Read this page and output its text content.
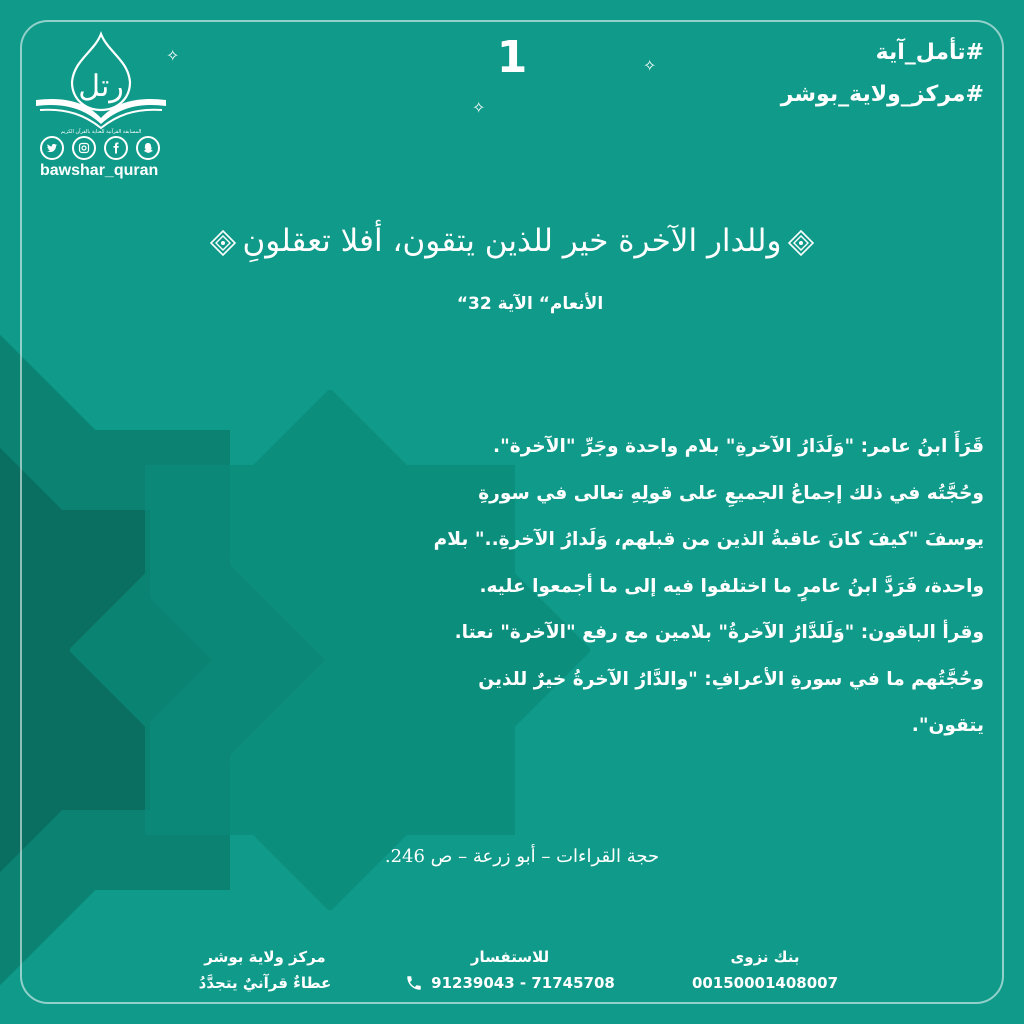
رتل
المسابقة القرآنية للعناية بالقرآن الكريم
bawshar_quran
✧
✧
✧
1	#تأمل_آية
#مركز_ولاية_بوشر
وللدار الآخرة خير للذين يتقون، أفلا تعقلونِ
الأنعام“ الآية 32“
قَرَأَ ابنُ عامر: "وَلَدَارُ الآخرةِ" بلام واحدة وجَرِّ "الآخرة".
وحُجَّتُه في ذلك إجماعُ الجميعِ على قولِهِ تعالى في سورةِ
يوسفَ "كيفَ كانَ عاقبةُ الذين من قبلهم، وَلَدارُ الآخرةِ.." بلام
واحدة، فَرَدَّ ابنُ عامرٍ ما اختلفوا فيه إلى ما أجمعوا عليه.
وقرأ الباقون: "وَلَلدَّارُ الآخرةُ" بلامين مع رفع "الآخرة" نعتا.
وحُجَّتُهم ما في سورةِ الأعرافِ: "والدَّارُ الآخرةُ خيرٌ للذين
يتقون".
حجة القراءات – أبو زرعة – ص 246.
مركز ولاية بوشر
عطاءٌ قرآنيٌ يتجدَّدُ
للاستفسار
91239043 - 71745708
بنك نزوى
00150001408007
